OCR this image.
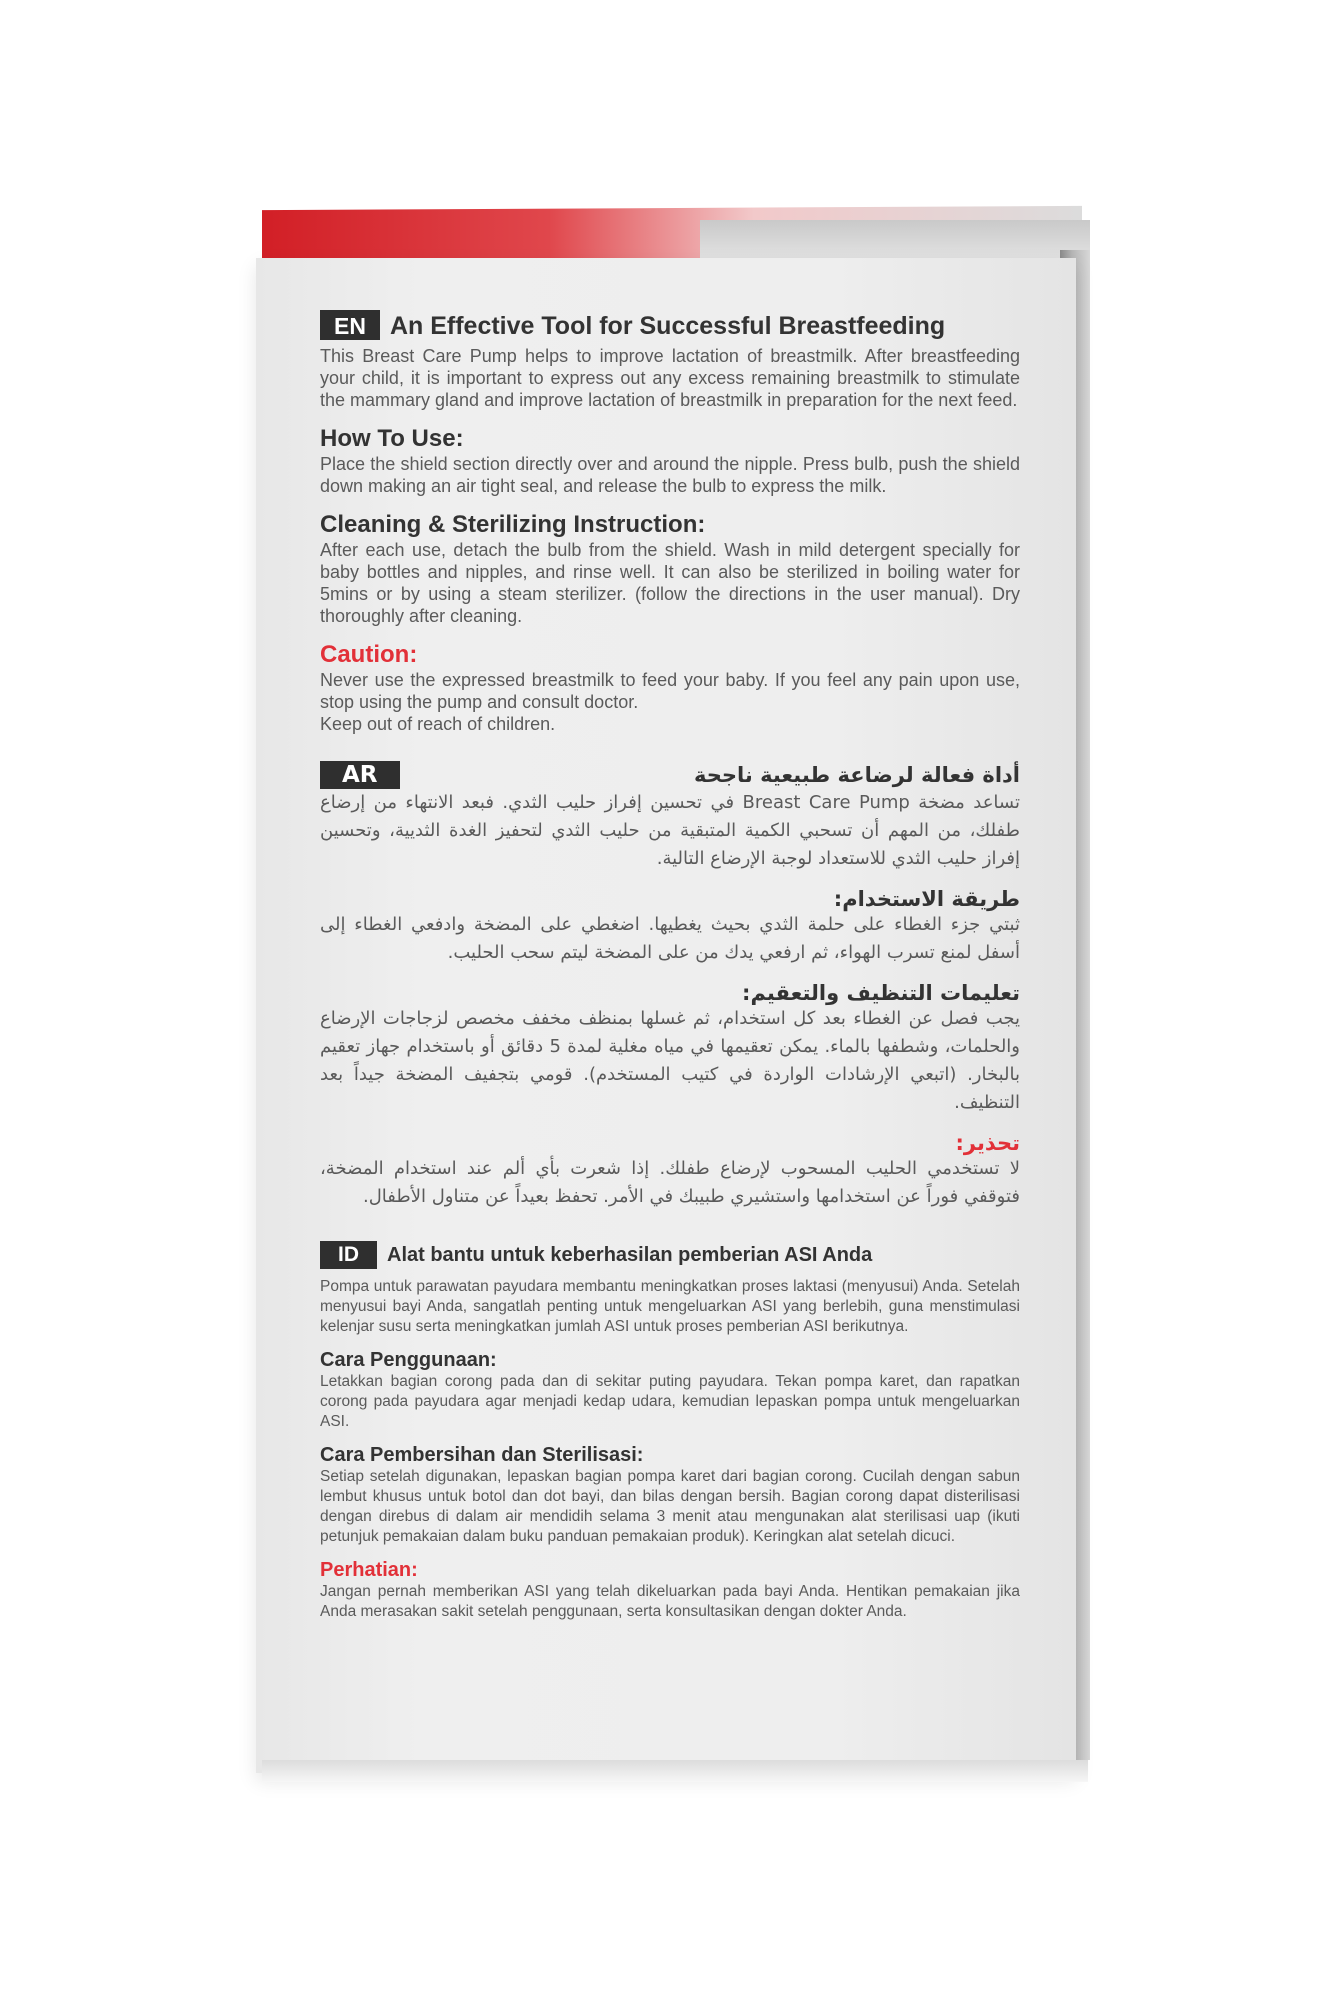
EN An Effective Tool for Successful Breastfeeding

This Breast Care Pump helps to improve lactation of breastmilk. After breastfeeding your child, it is important to express out any excess remaining breastmilk to stimulate the mammary gland and improve lactation of breastmilk in preparation for the next feed.

How To Use:

Place the shield section directly over and around the nipple. Press bulb, push the shield down making an air tight seal, and release the bulb to express the milk.

Cleaning & Sterilizing Instruction:

After each use, detach the bulb from the shield. Wash in mild detergent specially for baby bottles and nipples, and rinse well. It can also be sterilized in boiling water for 5mins or by using a steam sterilizer. (follow the directions in the user manual). Dry thoroughly after cleaning.

Caution:

Never use the expressed breastmilk to feed your baby. If you feel any pain upon use, stop using the pump and consult doctor.

Keep out of reach of children.

AR	أداة فعالة لرضاعة طبيعية ناجحة

تساعد مضخة Breast Care Pump في تحسين إفراز حليب الثدي. فبعد الانتهاء من إرضاع طفلك، من المهم أن تسحبي الكمية المتبقية من حليب الثدي لتحفيز الغدة الثديية، وتحسين إفراز حليب الثدي للاستعداد لوجبة الإرضاع التالية.

طريقة الاستخدام:

ثبتي جزء الغطاء على حلمة الثدي بحيث يغطيها. اضغطي على المضخة وادفعي الغطاء إلى أسفل لمنع تسرب الهواء، ثم ارفعي يدك من على المضخة ليتم سحب الحليب.

تعليمات التنظيف والتعقيم:

يجب فصل عن الغطاء بعد كل استخدام، ثم غسلها بمنظف مخفف مخصص لزجاجات الإرضاع والحلمات، وشطفها بالماء. يمكن تعقيمها في مياه مغلية لمدة 5 دقائق أو باستخدام جهاز تعقيم بالبخار. (اتبعي الإرشادات الواردة في كتيب المستخدم). قومي بتجفيف المضخة جيداً بعد التنظيف.

تحذير:

لا تستخدمي الحليب المسحوب لإرضاع طفلك. إذا شعرت بأي ألم عند استخدام المضخة، فتوقفي فوراً عن استخدامها واستشيري طبيبك في الأمر. تحفظ بعيداً عن متناول الأطفال.

ID Alat bantu untuk keberhasilan pemberian ASI Anda

Pompa untuk parawatan payudara membantu meningkatkan proses laktasi (menyusui) Anda. Setelah menyusui bayi Anda, sangatlah penting untuk mengeluarkan ASI yang berlebih, guna menstimulasi kelenjar susu serta meningkatkan jumlah ASI untuk proses pemberian ASI berikutnya.

Cara Penggunaan:

Letakkan bagian corong pada dan di sekitar puting payudara. Tekan pompa karet, dan rapatkan corong pada payudara agar menjadi kedap udara, kemudian lepaskan pompa untuk mengeluarkan ASI.

Cara Pembersihan dan Sterilisasi:

Setiap setelah digunakan, lepaskan bagian pompa karet dari bagian corong. Cucilah dengan sabun lembut khusus untuk botol dan dot bayi, dan bilas dengan bersih. Bagian corong dapat disterilisasi dengan direbus di dalam air mendidih selama 3 menit atau mengunakan alat sterilisasi uap (ikuti petunjuk pemakaian dalam buku panduan pemakaian produk). Keringkan alat setelah dicuci.

Perhatian:

Jangan pernah memberikan ASI yang telah dikeluarkan pada bayi Anda. Hentikan pemakaian jika Anda merasakan sakit setelah penggunaan, serta konsultasikan dengan dokter Anda.
